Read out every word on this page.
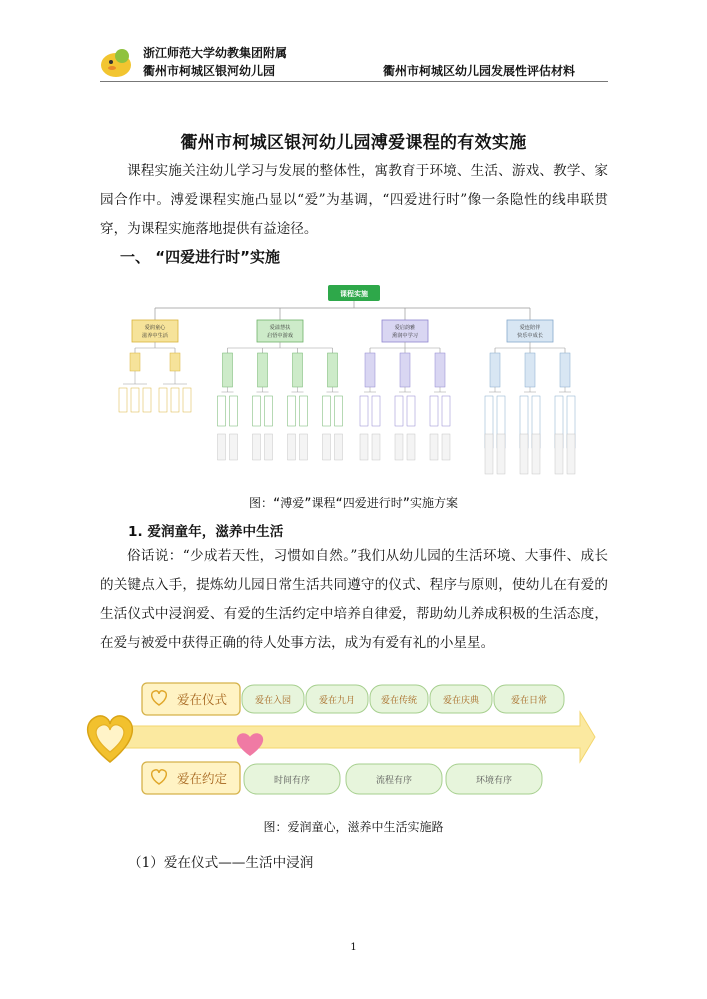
浙江师范大学幼教集团附属
衢州市柯城区银河幼儿园	衢州市柯城区幼儿园发展性评估材料
衢州市柯城区银河幼儿园溥爱课程的有效实施

课程实施关注幼儿学习与发展的整体性，寓教育于环境、生活、游戏、教学、家园合作中。溥爱课程实施凸显以“爱”为基调，“四爱进行时”像一条隐性的线串联贯穿，为课程实施落地提供有益途径。

一、 “四爱进行时”实施
课程实施
爱润童心
滋养中生活
爱溢慧扶
启悟中游戏
爱启韵雅
熏润中学习
爱连陪伴
快乐中成长
图：“溥爱”课程“四爱进行时”实施方案
1. 爱润童年，滋养中生活

俗话说：“少成若天性，习惯如自然。”我们从幼儿园的生活环境、大事件、成长的关键点入手，提炼幼儿园日常生活共同遵守的仪式、程序与原则，使幼儿在有爱的生活仪式中浸润爱、有爱的生活约定中培养自律爱，帮助幼儿养成积极的生活态度，在爱与被爱中获得正确的待人处事方法，成为有爱有礼的小星星。

爱在仪式	爱在入园	爱在九月	爱在传统	爱在庆典	爱在日常
爱在约定	时间有序	流程有序	环境有序
图：爱润童心，滋养中生活实施路
（1）爱在仪式——生活中浸润
1
